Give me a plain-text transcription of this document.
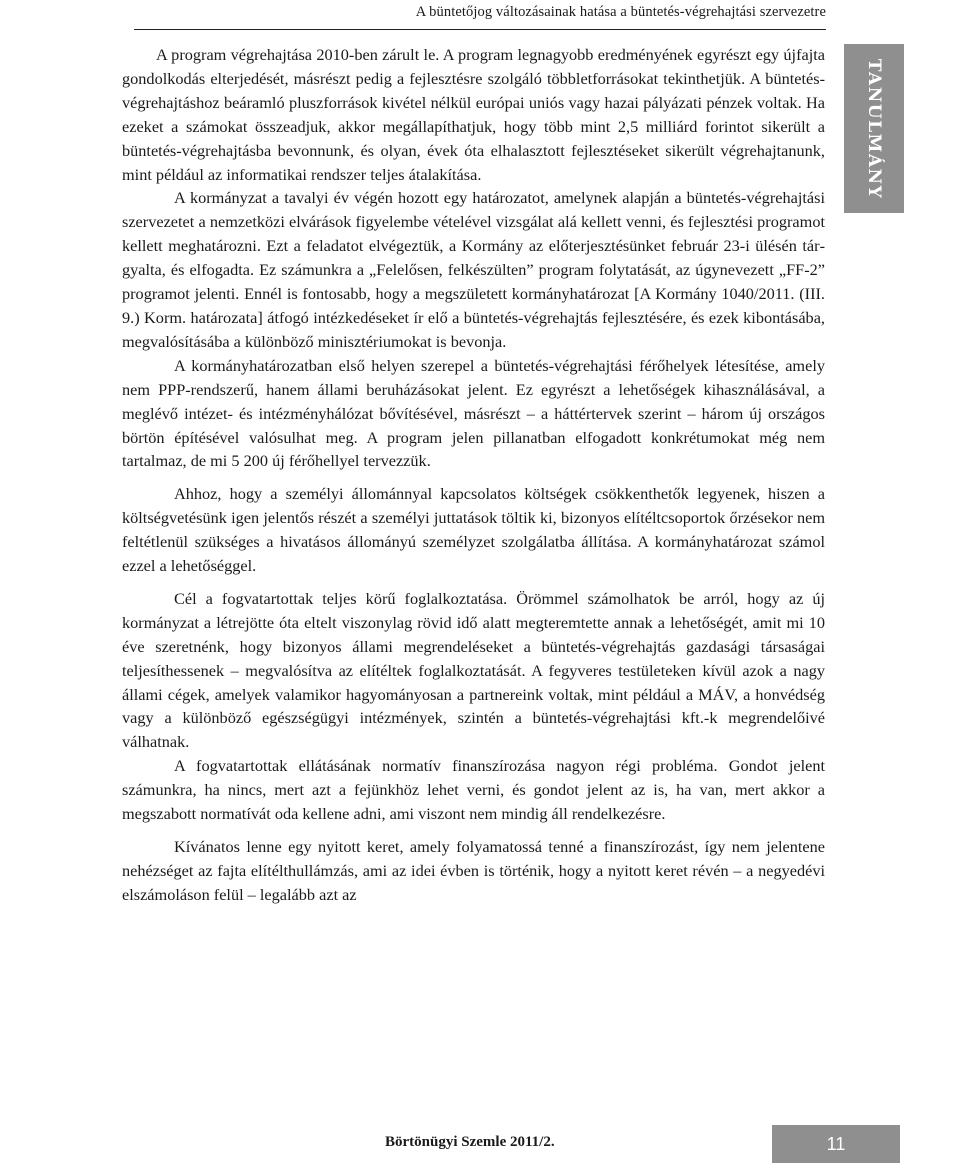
A büntetőjog változásainak hatása a büntetés-végrehajtási szervezetre
TANULMÁNY

A program végrehajtása 2010-ben zárult le. A program legnagyobb eredményének egyrészt egy újfajta gondolkodás elterjedését, másrészt pedig a fejlesztésre szolgáló többletforrásokat tekinthetjük. A büntetés-végrehajtáshoz beáramló pluszforrások kivétel nélkül európai uniós vagy hazai pályázati pénzek voltak. Ha ezeket a számokat összeadjuk, akkor megállapíthatjuk, hogy több mint 2,5 milliárd forintot sikerült a büntetés-végrehajtásba bevonnunk, és olyan, évek óta elhalasztott fejlesztéseket sikerült végrehajtanunk, mint például az informatikai rendszer teljes átalakítása.

A kormányzat a tavalyi év végén hozott egy határozatot, amelynek alapján a büntetés-végrehajtási szervezetet a nemzetközi elvárások figyelembe vételével vizsgálat alá kellett venni, és fejlesztési programot kellett meghatározni. Ezt a feladatot elvégeztük, a Kormány az előterjesztésünket február 23-i ülésén tárgyalta, és elfogadta. Ez számunkra a „Felelősen, felkészülten” program folytatását, az úgynevezett „FF-2” programot jelenti. Ennél is fontosabb, hogy a megszületett kormányhatározat [A Kormány 1040/2011. (III. 9.) Korm. határozata] átfogó intézkedéseket ír elő a büntetés-végrehajtás fejlesztésére, és ezek kibontásába, megvalósításába a különböző minisztériumokat is bevonja.

A kormányhatározatban első helyen szerepel a büntetés-végrehajtási férőhelyek létesítése, amely nem PPP-rendszerű, hanem állami beruházásokat jelent. Ez egyrészt a lehetőségek kihasználásával, a meglévő intézet- és intézményhálózat bővítésével, másrészt – a háttértervek szerint – három új országos börtön építésével valósulhat meg. A program jelen pillanatban elfogadott konkrétumokat még nem tartalmaz, de mi 5 200 új férőhellyel tervezzük.

Ahhoz, hogy a személyi állománnyal kapcsolatos költségek csökkenthetők legyenek, hiszen a költségvetésünk igen jelentős részét a személyi juttatások töltik ki, bizonyos elítéltcsoportok őrzésekor nem feltétlenül szükséges a hivatásos állományú személyzet szolgálatba állítása. A kormányhatározat számol ezzel a lehetőséggel.

Cél a fogvatartottak teljes körű foglalkoztatása. Örömmel számolhatok be arról, hogy az új kormányzat a létrejötte óta eltelt viszonylag rövid idő alatt megteremtette annak a lehetőségét, amit mi 10 éve szeretnénk, hogy bizonyos állami megrendeléseket a büntetés-végrehajtás gazdasági társaságai teljesíthessenek – megvalósítva az elítéltek foglalkoztatását. A fegyveres testületeken kívül azok a nagy állami cégek, amelyek valamikor hagyományosan a partnereink voltak, mint például a MÁV, a honvédség vagy a különböző egészségügyi intézmények, szintén a büntetés-végrehajtási kft.-k megrendelőivé válhatnak.

A fogvatartottak ellátásának normatív finanszírozása nagyon régi probléma. Gondot jelent számunkra, ha nincs, mert azt a fejünkhöz lehet verni, és gondot jelent az is, ha van, mert akkor a megszabott normatívát oda kellene adni, ami viszont nem mindig áll rendelkezésre.

Kívánatos lenne egy nyitott keret, amely folyamatossá tenné a finanszírozást, így nem jelentene nehézséget az fajta elítélthullámzás, ami az idei évben is történik, hogy a nyitott keret révén – a negyedévi elszámoláson felül – legalább azt az

Börtönügyi Szemle 2011/2.	11
